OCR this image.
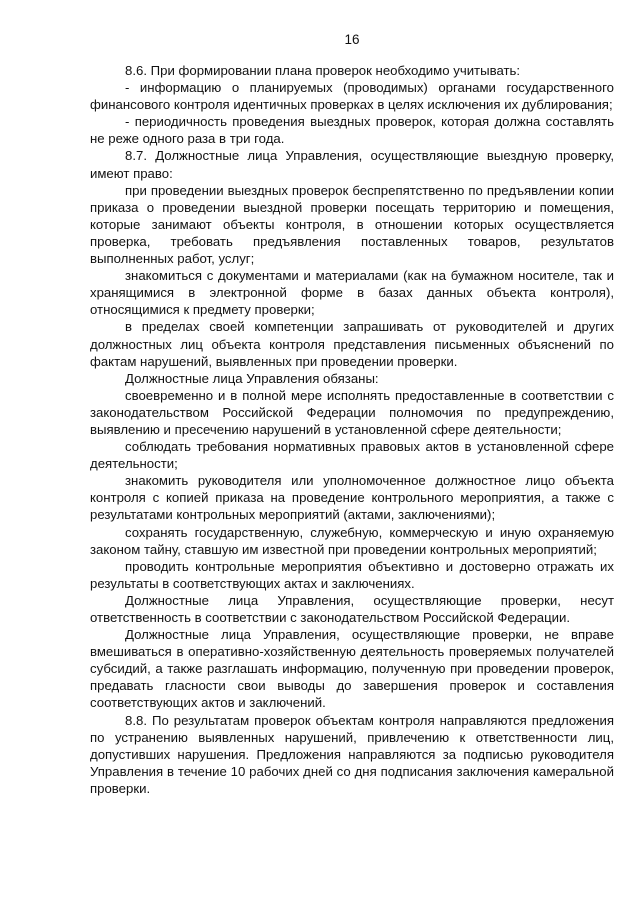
16

8.6. При формировании плана проверок необходимо учитывать:

- информацию о планируемых (проводимых) органами государственного финансового контроля идентичных проверках в целях исключения их дублирования;

- периодичность проведения выездных проверок, которая должна составлять не реже одного раза в три года.

8.7. Должностные лица Управления, осуществляющие выездную проверку, имеют право:

при проведении выездных проверок беспрепятственно по предъявлении копии приказа о проведении выездной проверки посещать территорию и помещения, которые занимают объекты контроля, в отношении которых осуществляется проверка, требовать предъявления поставленных товаров, результатов выполненных работ, услуг;

знакомиться с документами и материалами (как на бумажном носителе, так и хранящимися в электронной форме в базах данных объекта контроля), относящимися к предмету проверки;

в пределах своей компетенции запрашивать от руководителей и других должностных лиц объекта контроля представления письменных объяснений по фактам нарушений, выявленных при проведении проверки.

Должностные лица Управления обязаны:

своевременно и в полной мере исполнять предоставленные в соответствии с законодательством Российской Федерации полномочия по предупреждению, выявлению и пресечению нарушений в установленной сфере деятельности;

соблюдать требования нормативных правовых актов в установленной сфере деятельности;

знакомить руководителя или уполномоченное должностное лицо объекта контроля с копией приказа на проведение контрольного мероприятия, а также с результатами контрольных мероприятий (актами, заключениями);

сохранять государственную, служебную, коммерческую и иную охраняемую законом тайну, ставшую им известной при проведении контрольных мероприятий;

проводить контрольные мероприятия объективно и достоверно отражать их результаты в соответствующих актах и заключениях.

Должностные лица Управления, осуществляющие проверки, несут ответственность в соответствии с законодательством Российской Федерации.

Должностные лица Управления, осуществляющие проверки, не вправе вмешиваться в оперативно-хозяйственную деятельность проверяемых получателей субсидий, а также разглашать информацию, полученную при проведении проверок, предавать гласности свои выводы до завершения проверок и составления соответствующих актов и заключений.

8.8. По результатам проверок объектам контроля направляются предложения по устранению выявленных нарушений, привлечению к ответственности лиц, допустивших нарушения. Предложения направляются за подписью руководителя Управления в течение 10 рабочих дней со дня подписания заключения камеральной проверки.
